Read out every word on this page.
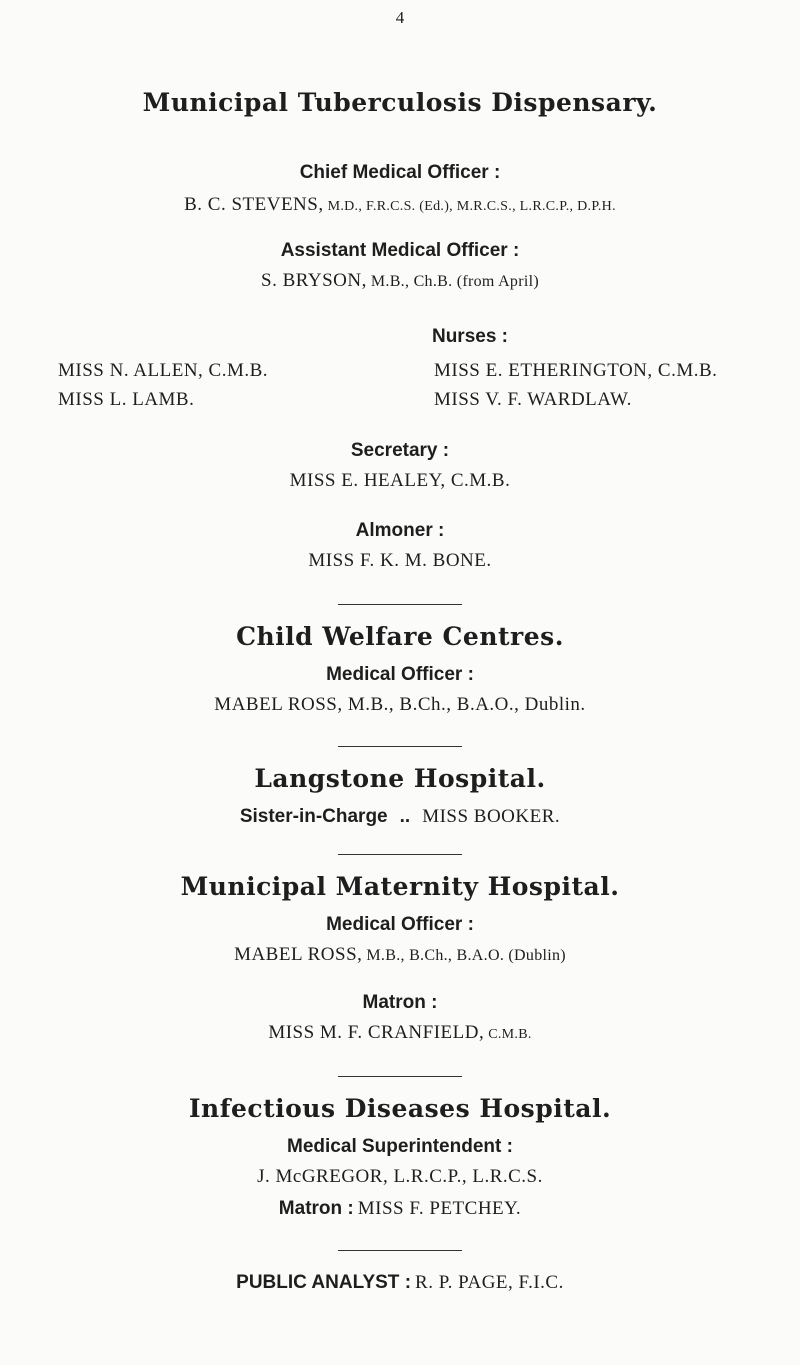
4
Municipal Tuberculosis Dispensary.
Chief Medical Officer :
B. C. STEVENS, M.D., F.R.C.S. (Ed.), M.R.C.S., L.R.C.P., D.P.H.
Assistant Medical Officer :
S. BRYSON, M.B., Ch.B. (from April)
Nurses :
MISS N. ALLEN, C.M.B.	MISS E. ETHERINGTON, C.M.B.
MISS L. LAMB.	MISS V. F. WARDLAW.
Secretary :
MISS E. HEALEY, C.M.B.
Almoner :
MISS F. K. M. BONE.
Child Welfare Centres.
Medical Officer :
MABEL ROSS, M.B., B.Ch., B.A.O., Dublin.
Langstone Hospital.
Sister-in-Charge .. MISS BOOKER.
Municipal Maternity Hospital.
Medical Officer :
MABEL ROSS, M.B., B.Ch., B.A.O. (Dublin)
Matron :
MISS M. F. CRANFIELD, C.M.B.
Infectious Diseases Hospital.
Medical Superintendent :
J. McGREGOR, L.R.C.P., L.R.C.S.
Matron : MISS F. PETCHEY.
PUBLIC ANALYST : R. P. PAGE, F.I.C.
